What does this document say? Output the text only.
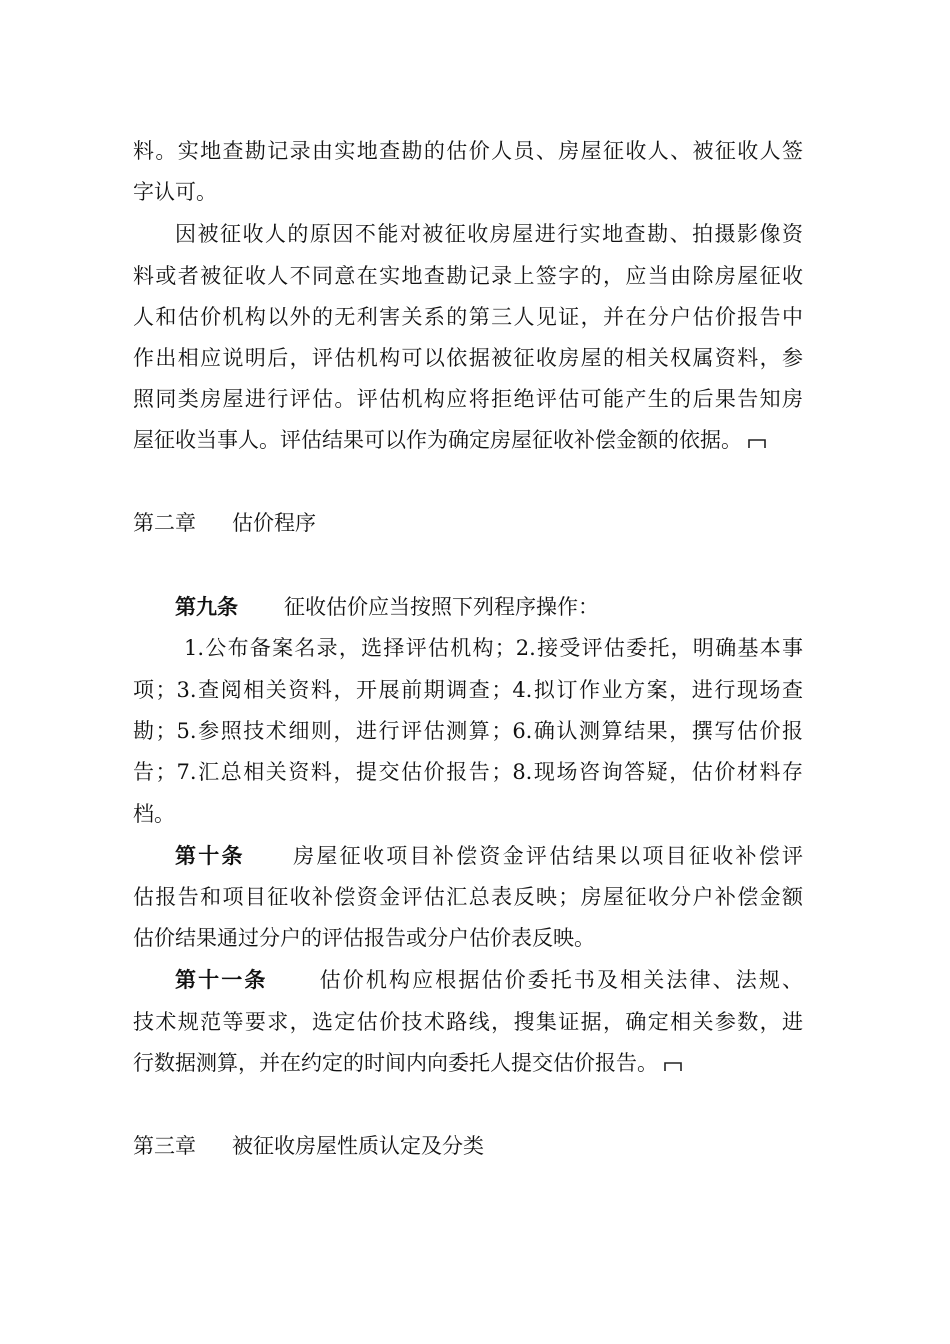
料。实地查勘记录由实地查勘的估价人员、房屋征收人、被征收人签
字认可。
因被征收人的原因不能对被征收房屋进行实地查勘、拍摄影像资
料或者被征收人不同意在实地查勘记录上签字的，应当由除房屋征收
人和估价机构以外的无利害关系的第三人见证，并在分户估价报告中
作出相应说明后，评估机构可以依据被征收房屋的相关权属资料，参
照同类房屋进行评估。评估机构应将拒绝评估可能产生的后果告知房
屋征收当事人。评估结果可以作为确定房屋征收补偿金额的依据。
第二章 估价程序
第九条 征收估价应当按照下列程序操作：
1.公布备案名录，选择评估机构；2.接受评估委托，明确基本事
项；3.查阅相关资料，开展前期调查；4.拟订作业方案，进行现场查
勘；5.参照技术细则，进行评估测算；6.确认测算结果，撰写估价报
告；7.汇总相关资料，提交估价报告；8.现场咨询答疑，估价材料存
档。
第十条 房屋征收项目补偿资金评估结果以项目征收补偿评
估报告和项目征收补偿资金评估汇总表反映；房屋征收分户补偿金额
估价结果通过分户的评估报告或分户估价表反映。
第十一条 估价机构应根据估价委托书及相关法律、法规、
技术规范等要求，选定估价技术路线，搜集证据，确定相关参数，进
行数据测算，并在约定的时间内向委托人提交估价报告。
第三章 被征收房屋性质认定及分类
